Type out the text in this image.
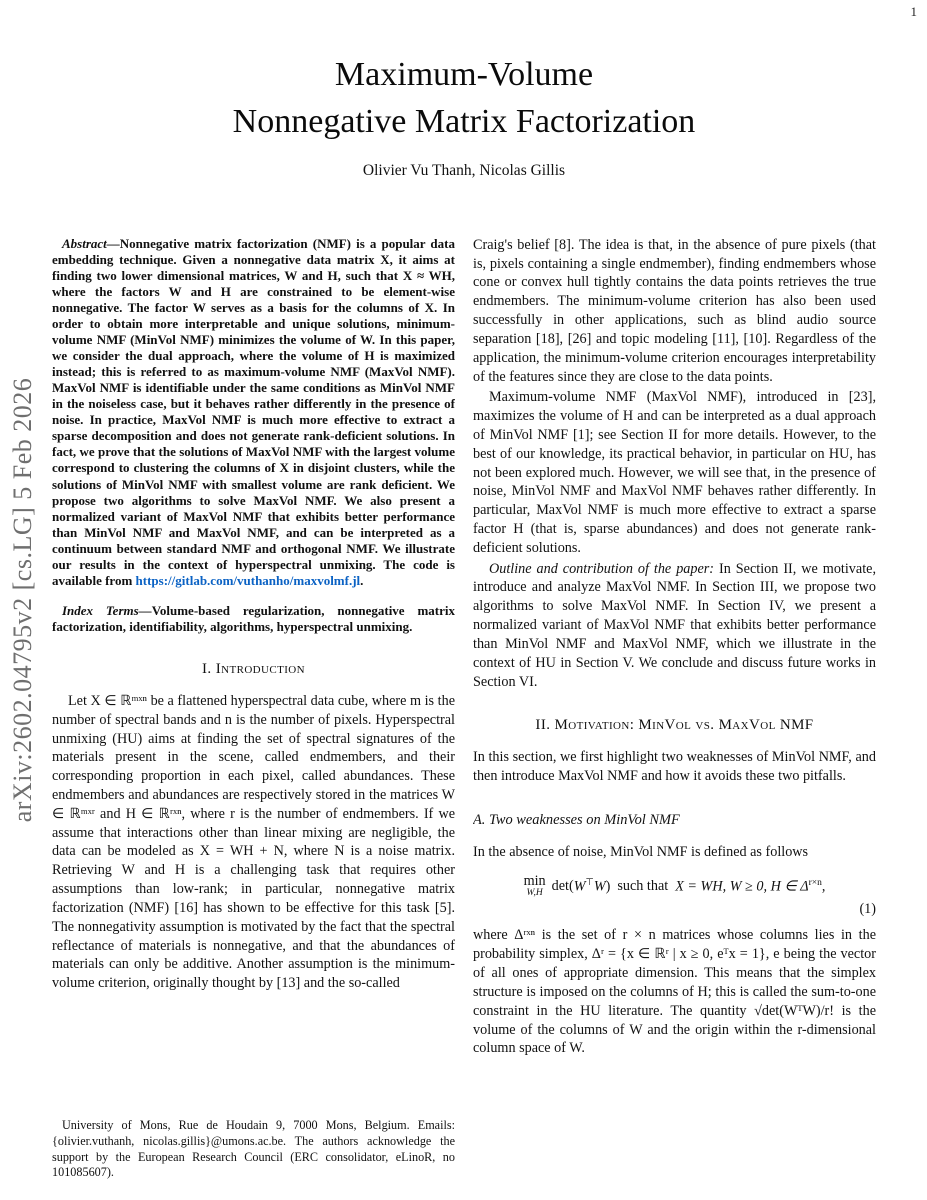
1
arXiv:2602.04795v2 [cs.LG] 5 Feb 2026
Maximum-Volume
Nonnegative Matrix Factorization
Olivier Vu Thanh, Nicolas Gillis

Abstract—Nonnegative matrix factorization (NMF) is a popular data embedding technique. Given a nonnegative data matrix X, it aims at finding two lower dimensional matrices, W and H, such that X ≈ WH, where the factors W and H are constrained to be element-wise nonnegative. The factor W serves as a basis for the columns of X. In order to obtain more interpretable and unique solutions, minimum-volume NMF (MinVol NMF) minimizes the volume of W. In this paper, we consider the dual approach, where the volume of H is maximized instead; this is referred to as maximum-volume NMF (MaxVol NMF). MaxVol NMF is identifiable under the same conditions as MinVol NMF in the noiseless case, but it behaves rather differently in the presence of noise. In practice, MaxVol NMF is much more effective to extract a sparse decomposition and does not generate rank-deficient solutions. In fact, we prove that the solutions of MaxVol NMF with the largest volume correspond to clustering the columns of X in disjoint clusters, while the solutions of MinVol NMF with smallest volume are rank deficient. We propose two algorithms to solve MaxVol NMF. We also present a normalized variant of MaxVol NMF that exhibits better performance than MinVol NMF and MaxVol NMF, and can be interpreted as a continuum between standard NMF and orthogonal NMF. We illustrate our results in the context of hyperspectral unmixing. The code is available from https://gitlab.com/vuthanho/maxvolmf.jl.

Index Terms—Volume-based regularization, nonnegative matrix factorization, identifiability, algorithms, hyperspectral unmixing.

I. Introduction

Let X ∈ ℝᵐˣⁿ be a flattened hyperspectral data cube, where m is the number of spectral bands and n is the number of pixels. Hyperspectral unmixing (HU) aims at finding the set of spectral signatures of the materials present in the scene, called endmembers, and their corresponding proportion in each pixel, called abundances. These endmembers and abundances are respectively stored in the matrices W ∈ ℝᵐˣʳ and H ∈ ℝʳˣⁿ, where r is the number of endmembers. If we assume that interactions other than linear mixing are negligible, the data can be modeled as X = WH + N, where N is a noise matrix. Retrieving W and H is a challenging task that requires other assumptions than low-rank; in particular, nonnegative matrix factorization (NMF) [16] has shown to be effective for this task [5]. The nonnegativity assumption is motivated by the fact that the spectral reflectance of materials is nonnegative, and that the abundances of materials can only be additive. Another assumption is the minimum-volume criterion, originally thought by [13] and the so-called

University of Mons, Rue de Houdain 9, 7000 Mons, Belgium. Emails: {olivier.vuthanh, nicolas.gillis}@umons.ac.be. The authors acknowledge the support by the European Research Council (ERC consolidator, eLinoR, no 101085607).

Craig's belief [8]. The idea is that, in the absence of pure pixels (that is, pixels containing a single endmember), finding endmembers whose cone or convex hull tightly contains the data points retrieves the true endmembers. The minimum-volume criterion has also been used successfully in other applications, such as blind audio source separation [18], [26] and topic modeling [11], [10]. Regardless of the application, the minimum-volume criterion encourages interpretability of the features since they are close to the data points.

Maximum-volume NMF (MaxVol NMF), introduced in [23], maximizes the volume of H and can be interpreted as a dual approach of MinVol NMF [1]; see Section II for more details. However, to the best of our knowledge, its practical behavior, in particular on HU, has not been explored much. However, we will see that, in the presence of noise, MinVol NMF and MaxVol NMF behaves rather differently. In particular, MaxVol NMF is much more effective to extract a sparse factor H (that is, sparse abundances) and does not generate rank-deficient solutions.

Outline and contribution of the paper: In Section II, we motivate, introduce and analyze MaxVol NMF. In Section III, we propose two algorithms to solve MaxVol NMF. In Section IV, we present a normalized variant of MaxVol NMF that exhibits better performance than MinVol NMF and MaxVol NMF, which we illustrate in the context of HU in Section V. We conclude and discuss future works in Section VI.

II. Motivation: MinVol vs. MaxVol NMF

In this section, we first highlight two weaknesses of MinVol NMF, and then introduce MaxVol NMF and how it avoids these two pitfalls.

A. Two weaknesses on MinVol NMF

In the absence of noise, MinVol NMF is defined as follows

min
W,H det(W⊤W) such that X = WH, W ≥ 0, H ∈ $\Delta^{r\times n}$,
(1)

where Δʳˣⁿ is the set of r × n matrices whose columns lies in the probability simplex, Δʳ = {x ∈ ℝʳ | x ≥ 0, eᵀx = 1}, e being the vector of all ones of appropriate dimension. This means that the simplex structure is imposed on the columns of H; this is called the sum-to-one constraint in the HU literature. The quantity √det(WᵀW)/r! is the volume of the columns of W and the origin within the r-dimensional column space of W.
